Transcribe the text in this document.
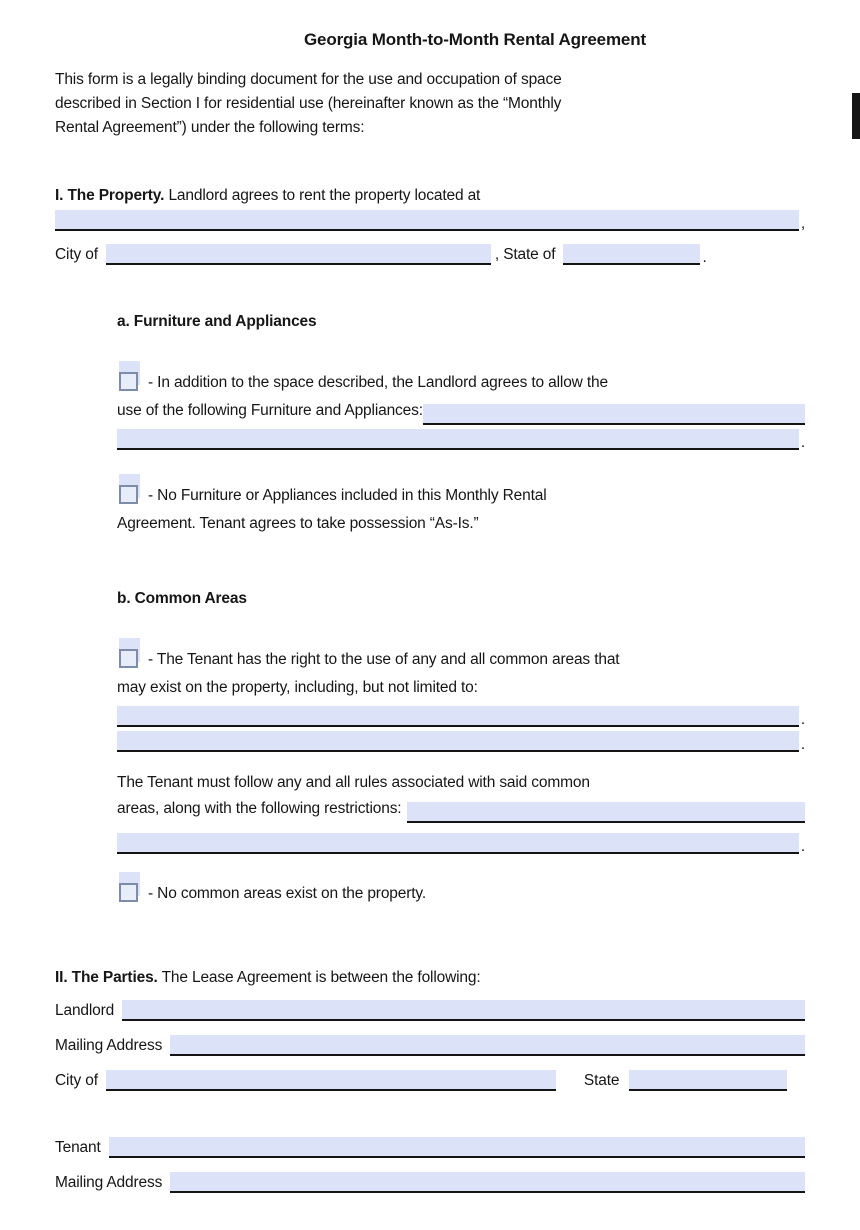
Georgia Month-to-Month Rental Agreement
This form is a legally binding document for the use and occupation of space
described in Section I for residential use (hereinafter known as the “Monthly
Rental Agreement”) under the following terms:
I. The Property. Landlord agrees to rent the property located at
,
City of	, State of	.
a. Furniture and Appliances
- In addition to the space described, the Landlord agrees to allow the
use of the following Furniture and Appliances:
.
- No Furniture or Appliances included in this Monthly Rental
Agreement. Tenant agrees to take possession “As-Is.”
b. Common Areas
- The Tenant has the right to the use of any and all common areas that
may exist on the property, including, but not limited to:
.
.
The Tenant must follow any and all rules associated with said common
areas, along with the following restrictions:
.
- No common areas exist on the property.
II. The Parties. The Lease Agreement is between the following:
Landlord
Mailing Address
City of	State
Tenant
Mailing Address
